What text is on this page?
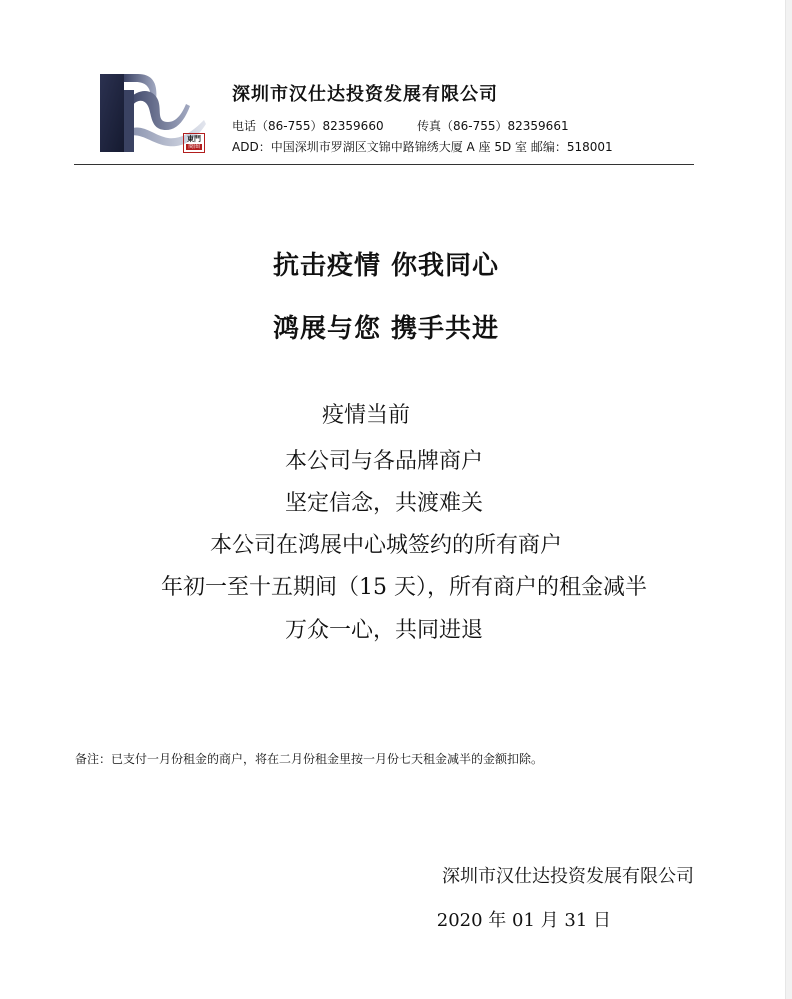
東門
商圈
深圳市汉仕达投资发展有限公司
电话（86-755）82359660	传真（86-755）82359661
ADD：中国深圳市罗湖区文锦中路锦绣大厦 A 座 5D 室 邮编：518001
抗击疫情 你我同心
鸿展与您 携手共进
疫情当前
本公司与各品牌商户
坚定信念，共渡难关
本公司在鸿展中心城签约的所有商户
年初一至十五期间（15 天），所有商户的租金减半
万众一心，共同进退
备注：已支付一月份租金的商户，将在二月份租金里按一月份七天租金减半的金额扣除。
深圳市汉仕达投资发展有限公司
2020 年 01 月 31 日
